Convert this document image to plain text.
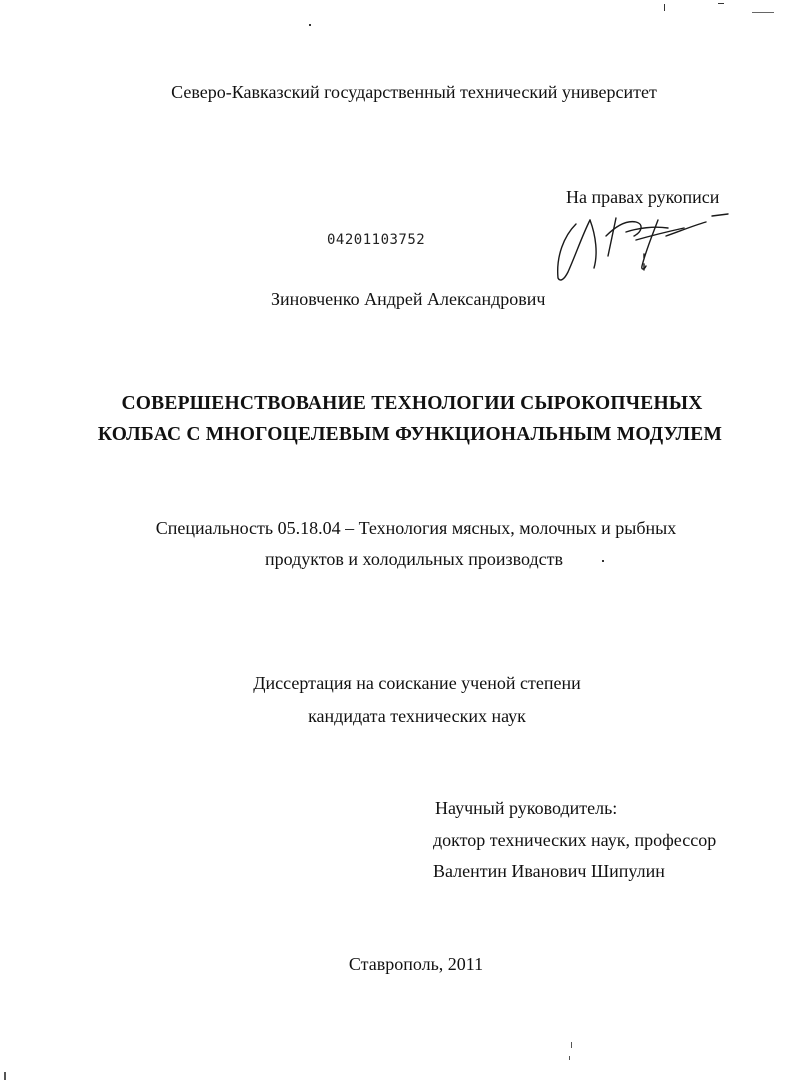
Северо-Кавказский государственный технический университет
На правах рукописи
04201103752
Зиновченко Андрей Александрович
СОВЕРШЕНСТВОВАНИЕ ТЕХНОЛОГИИ СЫРОКОПЧЕНЫХ
КОЛБАС С МНОГОЦЕЛЕВЫМ ФУНКЦИОНАЛЬНЫМ МОДУЛЕМ
Специальность 05.18.04 – Технология мясных, молочных и рыбных
продуктов и холодильных производств
Диссертация на соискание ученой степени
кандидата технических наук
Научный руководитель:
доктор технических наук, профессор
Валентин Иванович Шипулин
Ставрополь, 2011
